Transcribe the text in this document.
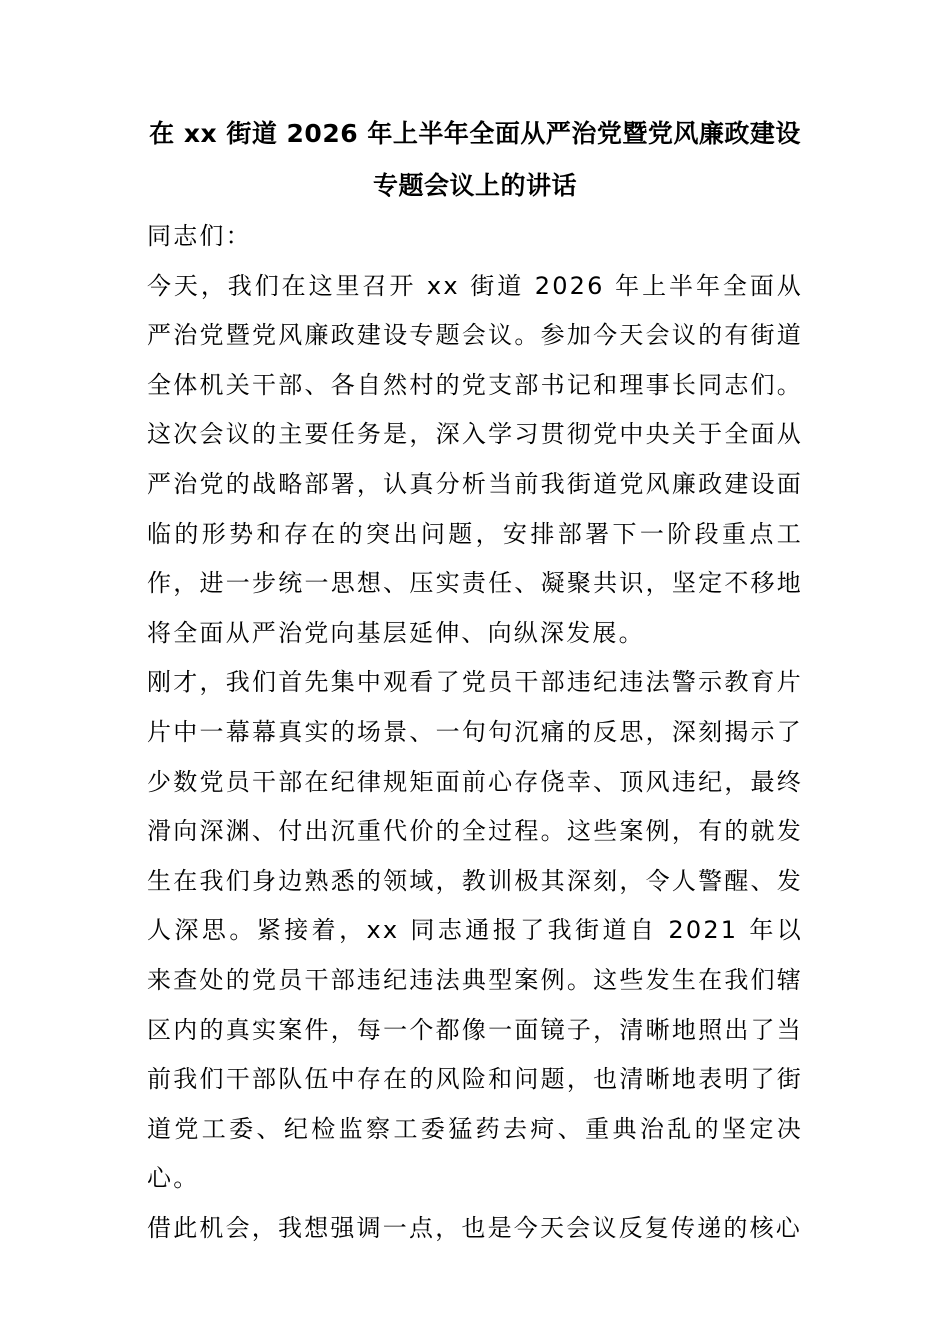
在 xx 街道 2026 年上半年全面从严治党暨党风廉政建设专题会议上的讲话

同志们：

今天，我们在这里召开 xx 街道 2026 年上半年全面从严治党暨党风廉政建设专题会议。参加今天会议的有街道全体机关干部、各自然村的党支部书记和理事长同志们。这次会议的主要任务是，深入学习贯彻党中央关于全面从严治党的战略部署，认真分析当前我街道党风廉政建设面临的形势和存在的突出问题，安排部署下一阶段重点工作，进一步统一思想、压实责任、凝聚共识，坚定不移地将全面从严治党向基层延伸、向纵深发展。

刚才，我们首先集中观看了党员干部违纪违法警示教育片片中一幕幕真实的场景、一句句沉痛的反思，深刻揭示了少数党员干部在纪律规矩面前心存侥幸、顶风违纪，最终滑向深渊、付出沉重代价的全过程。这些案例，有的就发生在我们身边熟悉的领域，教训极其深刻，令人警醒、发人深思。紧接着，xx 同志通报了我街道自 2021 年以来查处的党员干部违纪违法典型案例。这些发生在我们辖区内的真实案件，每一个都像一面镜子，清晰地照出了当前我们干部队伍中存在的风险和问题，也清晰地表明了街道党工委、纪检监察工委猛药去疴、重典治乱的坚定决心。

借此机会，我想强调一点，也是今天会议反复传递的核心
